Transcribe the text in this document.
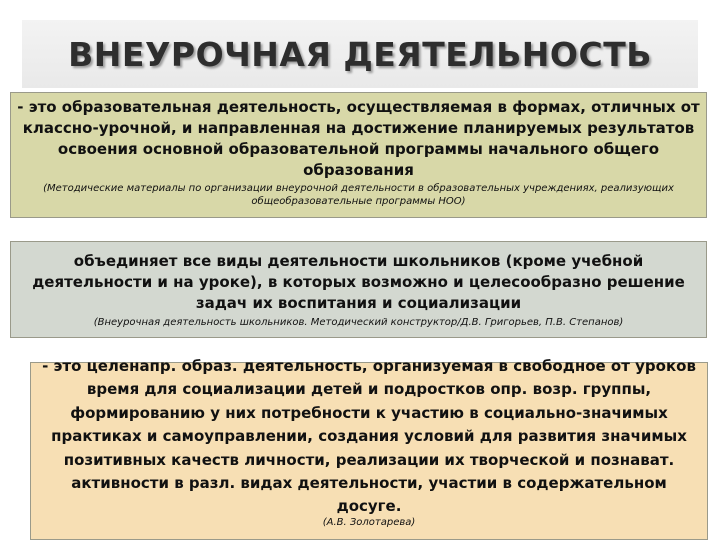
ВНЕУРОЧНАЯ ДЕЯТЕЛЬНОСТЬ

- это образовательная деятельность, осуществляемая в формах, отличных от классно-урочной, и направленная на достижение планируемых результатов освоения основной образовательной программы начального общего образования

(Методические материалы по организации внеурочной деятельности в образовательных учреждениях, реализующих общеобразовательные программы НОО)

объединяет все виды деятельности школьников (кроме учебной деятельности и на уроке), в которых возможно и целесообразно решение задач их воспитания и социализации

(Внеурочная деятельность школьников. Методический конструктор/Д.В. Григорьев, П.В. Степанов)

- это целенапр. образ. деятельность, организуемая в свободное от уроков время для социализации детей и подростков опр. возр. группы, формированию у них потребности к участию в социально-значимых практиках и самоуправлении, создания условий для развития значимых позитивных качеств личности, реализации их творческой и познават. активности в разл. видах деятельности, участии в содержательном досуге.

(А.В. Золотарева)
